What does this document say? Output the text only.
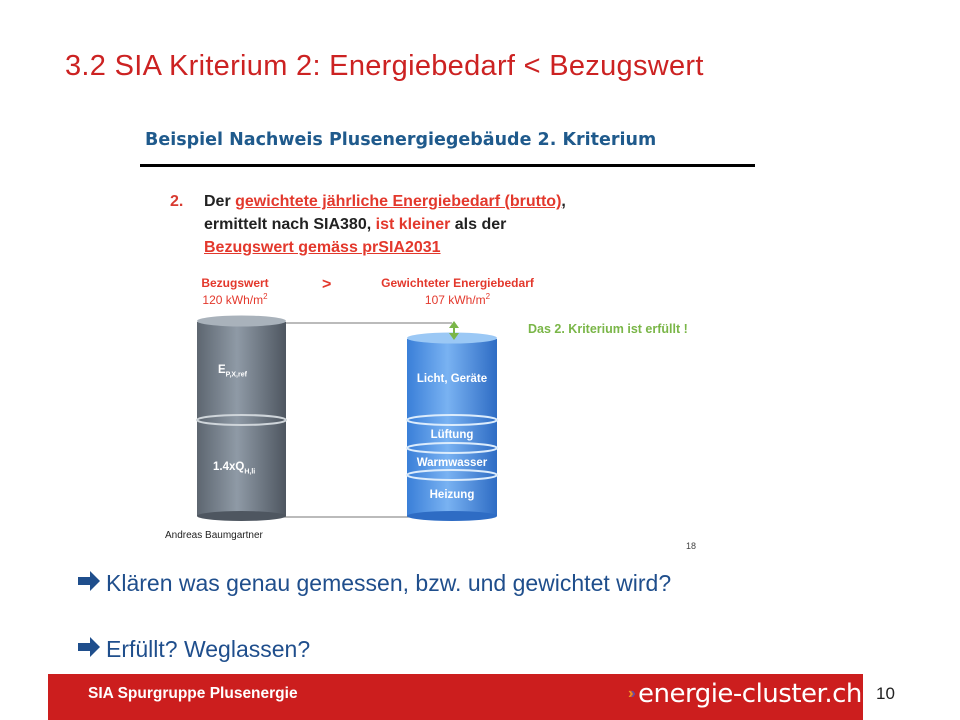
3.2 SIA Kriterium 2: Energiebedarf < Bezugswert
Beispiel Nachweis Plusenergiegebäude 2. Kriterium
2. Der gewichtete jährliche Energiebedarf (brutto),
ermittelt nach SIA380, ist kleiner als der
Bezugswert gemäss prSIA2031
Bezugswert
120 kWh/$m^2$
>	Gewichteter Energiebedarf
107 kWh/$m^2$
$E_{P,X,ref}$
$1.4xQ_{H,li}$
Licht, Geräte
Lüftung
Warmwasser
Heizung
Das 2. Kriterium ist erfüllt !
Andreas Baumgartner
18
Klären was genau gemessen, bzw. und gewichtet wird?
Erfüllt? Weglassen?
SIA Spurgruppe Plusenergie	››› energie-cluster.ch 10
